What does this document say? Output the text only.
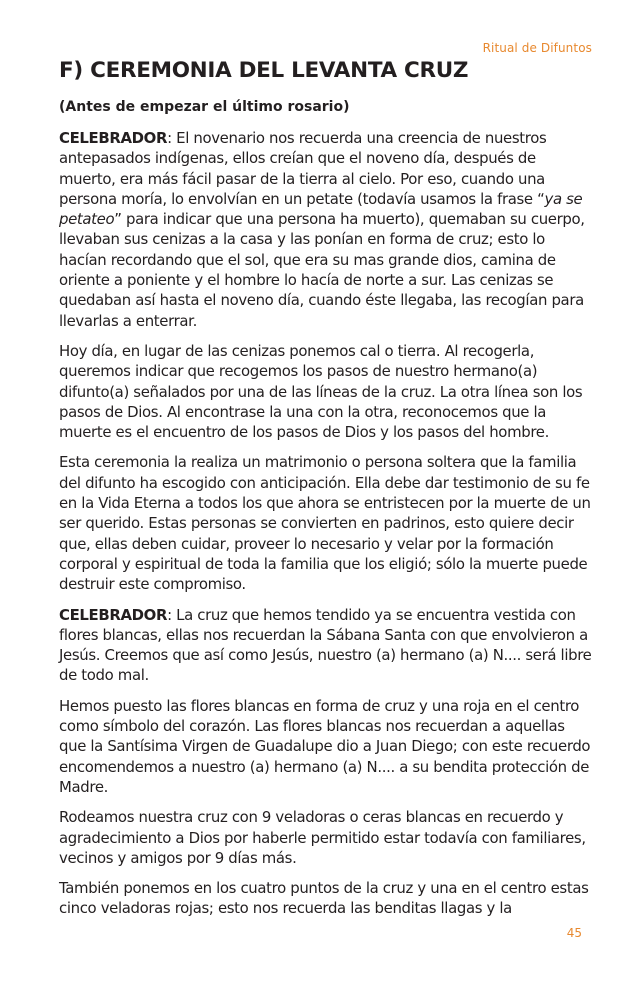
Ritual de Difuntos
F) CEREMONIA DEL LEVANTA CRUZ

(Antes de empezar el último rosario)

CELEBRADOR: El novenario nos recuerda una creencia de nuestros antepasados indígenas, ellos creían que el noveno día, después de muerto, era más fácil pasar de la tierra al cielo. Por eso, cuando una persona moría, lo envolvían en un petate (todavía usamos la frase “ya se petateo” para indicar que una persona ha muerto), quemaban su cuerpo, llevaban sus cenizas a la casa y las ponían en forma de cruz; esto lo hacían recordando que el sol, que era su mas grande dios, camina de oriente a poniente y el hombre lo hacía de norte a sur. Las cenizas se quedaban así hasta el noveno día, cuando éste llegaba, las recogían para llevarlas a enterrar.

Hoy día, en lugar de las cenizas ponemos cal o tierra. Al recogerla, queremos indicar que recogemos los pasos de nuestro hermano(a) difunto(a) señalados por una de las líneas de la cruz. La otra línea son los pasos de Dios. Al encontrase la una con la otra, reconocemos que la muerte es el encuentro de los pasos de Dios y los pasos del hombre.

Esta ceremonia la realiza un matrimonio o persona soltera que la familia del difunto ha escogido con anticipación. Ella debe dar testimonio de su fe en la Vida Eterna a todos los que ahora se entristecen por la muerte de un ser querido. Estas personas se convierten en padrinos, esto quiere decir que, ellas deben cuidar, proveer lo necesario y velar por la formación corporal y espiritual de toda la familia que los eligió; sólo la muerte puede destruir este compromiso.

CELEBRADOR: La cruz que hemos tendido ya se encuentra vestida con flores blancas, ellas nos recuerdan la Sábana Santa con que envolvieron a Jesús. Creemos que así como Jesús, nuestro (a) hermano (a) N.... será libre de todo mal.

Hemos puesto las flores blancas en forma de cruz y una roja en el centro como símbolo del corazón. Las flores blancas nos recuerdan a aquellas que la Santísima Virgen de Guadalupe dio a Juan Diego; con este recuerdo encomendemos a nuestro (a) hermano (a) N.... a su bendita protección de Madre.

Rodeamos nuestra cruz con 9 veladoras o ceras blancas en recuerdo y agradecimiento a Dios por haberle permitido estar todavía con familiares, vecinos y amigos por 9 días más.

También ponemos en los cuatro puntos de la cruz y una en el centro estas cinco veladoras rojas; esto nos recuerda las benditas llagas y la

45
